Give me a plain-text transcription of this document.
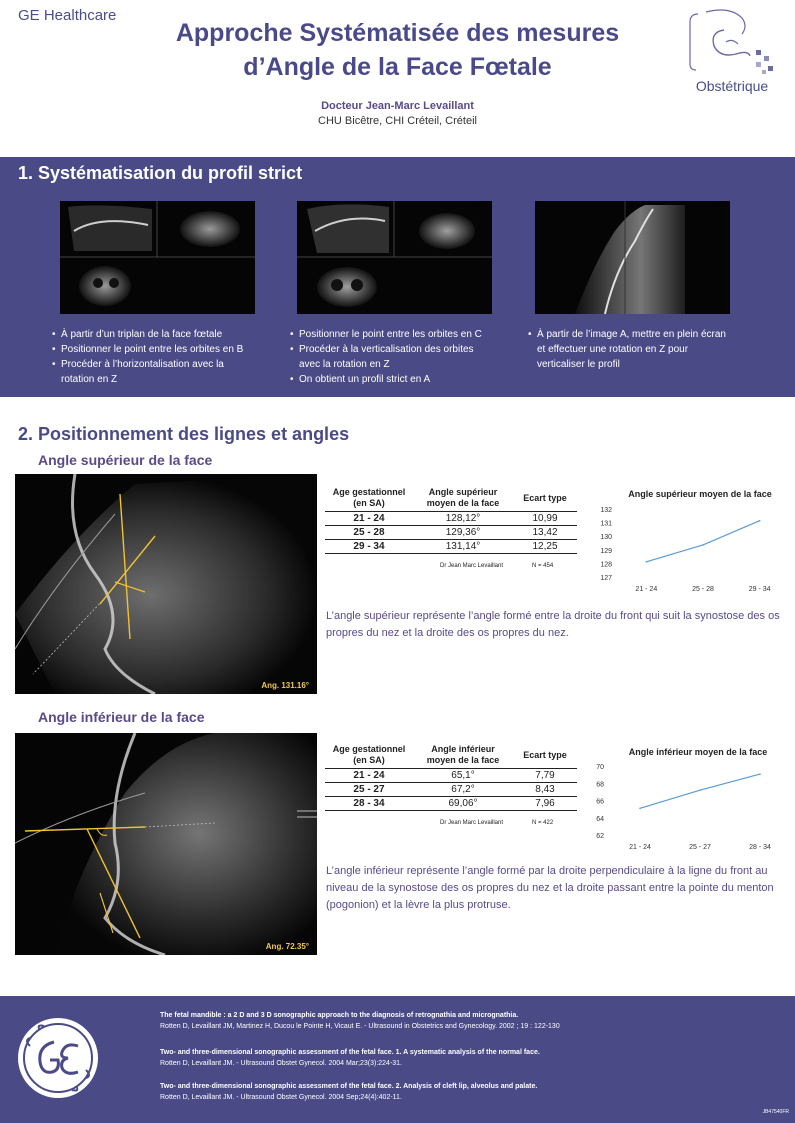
GE Healthcare
Approche Systématisée des mesures
d’Angle de la Face Fœtale
Docteur Jean-Marc Levaillant
CHU Bicêtre, CHI Créteil, Créteil
Obstétrique
1. Systématisation du profil strict
• À partir d’un triplan de la face fœtale
• Positionner le point entre les orbites en B
• Procéder à l’horizontalisation avec la rotation en Z
• Positionner le point entre les orbites en C
• Procéder à la verticalisation des orbites avec la rotation en Z
• On obtient un profil strict en A
• À partir de l’image A, mettre en plein écran et effectuer une rotation en Z pour verticaliser le profil
2. Positionnement des lignes et angles
Angle supérieur de la face
Ang. 131.16°
Age gestationnel (en SA)	Angle supérieur moyen de la face	Ecart type
21 - 24	128,12°	10,99
25 - 28	129,36°	13,42
29 - 34	131,14°	12,25
Dr Jean Marc Levaillant	N = 454
Angle supérieur moyen de la face
127
128
129
130
131
132
21 - 24	25 - 28	29 - 34
L’angle supérieur représente l’angle formé entre la droite du front qui suit la synostose des os propres du nez et la droite des os propres du nez.
Angle inférieur de la face
Ang. 72.35°
Age gestationnel (en SA)	Angle inférieur moyen de la face	Ecart type
21 - 24	65,1°	7,79
25 - 27	67,2°	8,43
28 - 34	69,06°	7,96
Dr Jean Marc Levaillant	N = 422
Angle inférieur moyen de la face
62
64
66
68
70
21 - 24	25 - 27	28 - 34
L’angle inférieur représente l’angle formé par la droite perpendiculaire à la ligne du front au niveau de la synostose des os propres du nez et la droite passant entre la pointe du menton (pogonion) et la lèvre la plus protruse.
The fetal mandible : a 2 D and 3 D sonographic approach to the diagnosis of retrognathia and micrognathia.
Rotten D, Levaillant JM, Martinez H, Ducou le Pointe H, Vicaut E. - Ultrasound in Obstetrics and Gynecology. 2002 ; 19 : 122-130
Two- and three-dimensional sonographic assessment of the fetal face. 1. A systematic analysis of the normal face.
Rotten D, Levaillant JM. - Ultrasound Obstet Gynecol. 2004 Mar;23(3):224-31.
Two- and three-dimensional sonographic assessment of the fetal face. 2. Analysis of cleft lip, alveolus and palate.
Rotten D, Levaillant JM. - Ultrasound Obstet Gynecol. 2004 Sep;24(4):402-11.
JB47540FR
